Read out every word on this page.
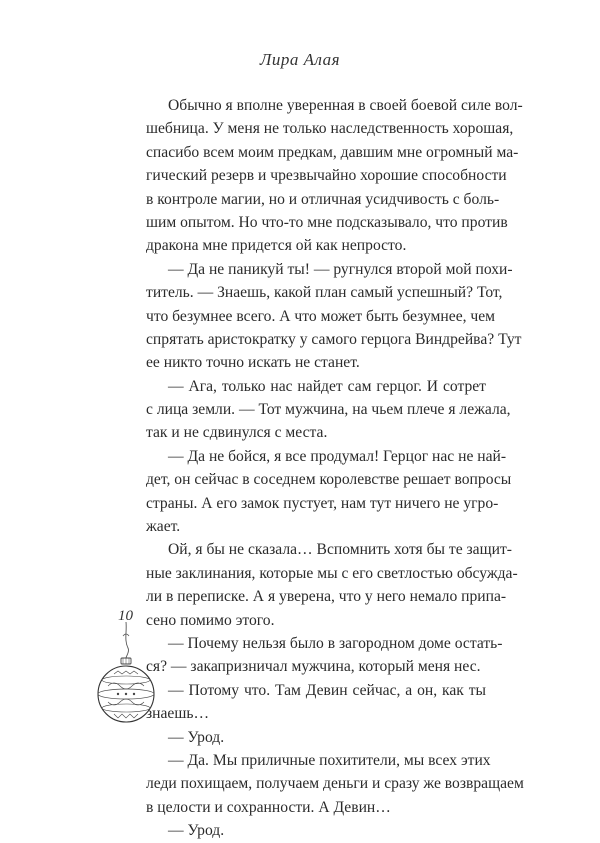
Лира Алая
Обычно я вполне уверенная в своей боевой силе вол-
шебница. У меня не только наследственность хорошая,
спасибо всем моим предкам, давшим мне огромный ма-
гический резерв и чрезвычайно хорошие способности
в контроле магии, но и отличная усидчивость с боль-
шим опытом. Но что-то мне подсказывало, что против
дракона мне придется ой как непросто.
— Да не паникуй ты! — ругнулся второй мой похи-
титель. — Знаешь, какой план самый успешный? Тот,
что безумнее всего. А что может быть безумнее, чем
спрятать аристократку у самого герцога Виндрейва? Тут
ее никто точно искать не станет.
— Ага, только нас найдет сам герцог. И сотрет
с лица земли. — Тот мужчина, на чьем плече я лежала,
так и не сдвинулся с места.
— Да не бойся, я все продумал! Герцог нас не най-
дет, он сейчас в соседнем королевстве решает вопросы
страны. А его замок пустует, нам тут ничего не угро-
жает.
Ой, я бы не сказала… Вспомнить хотя бы те защит-
ные заклинания, которые мы с его светлостью обсужда-
ли в переписке. А я уверена, что у него немало припа-
сено помимо этого.
— Почему нельзя было в загородном доме остать-
ся? — закапризничал мужчина, который меня нес.
— Потому что. Там Девин сейчас, а он, как ты
знаешь…
— Урод.
— Да. Мы приличные похитители, мы всех этих
леди похищаем, получаем деньги и сразу же возвращаем
в целости и сохранности. А Девин…
— Урод.
10
